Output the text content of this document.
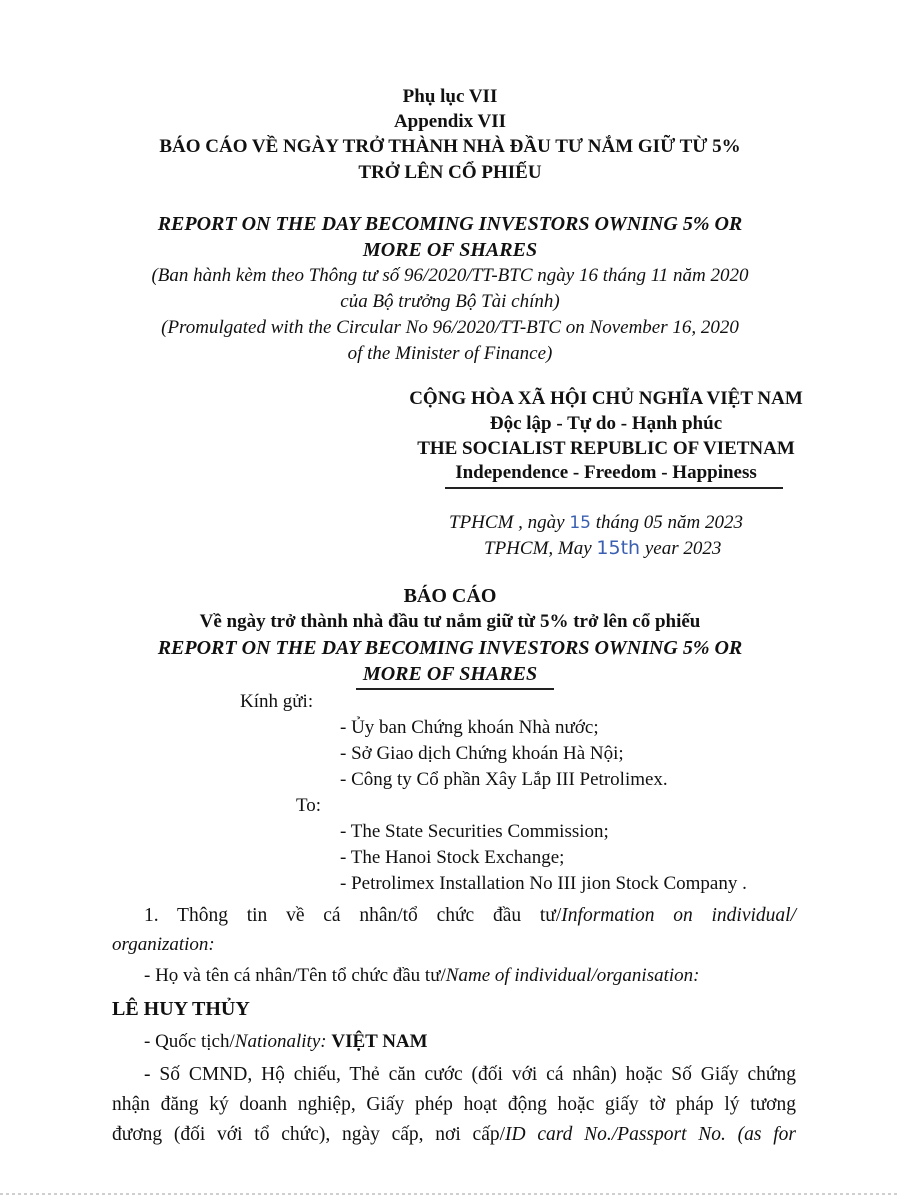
Phụ lục VII
Appendix VII
BÁO CÁO VỀ NGÀY TRỞ THÀNH NHÀ ĐẦU TƯ NẮM GIỮ TỪ 5%
TRỞ LÊN CỔ PHIẾU
REPORT ON THE DAY BECOMING INVESTORS OWNING 5% OR
MORE OF SHARES
(Ban hành kèm theo Thông tư số 96/2020/TT-BTC ngày 16 tháng 11 năm 2020
của Bộ trưởng Bộ Tài chính)
(Promulgated with the Circular No 96/2020/TT-BTC on November 16, 2020
of the Minister of Finance)
CỘNG HÒA XÃ HỘI CHỦ NGHĨA VIỆT NAM
Độc lập - Tự do - Hạnh phúc
THE SOCIALIST REPUBLIC OF VIETNAM
Independence - Freedom - Happiness
TPHCM , ngày 15 tháng 05 năm 2023
TPHCM, May 15th year 2023
BÁO CÁO
Về ngày trở thành nhà đầu tư nắm giữ từ 5% trở lên cổ phiếu
REPORT ON THE DAY BECOMING INVESTORS OWNING 5% OR
MORE OF SHARES
Kính gửi:
- Ủy ban Chứng khoán Nhà nước;
- Sở Giao dịch Chứng khoán Hà Nội;
- Công ty Cổ phần Xây Lắp III Petrolimex.
To:
- The State Securities Commission;
- The Hanoi Stock Exchange;
- Petrolimex Installation No III jion Stock Company .
1. Thông tin về cá nhân/tổ chức đầu tư/Information on individual/
organization:
- Họ và tên cá nhân/Tên tổ chức đầu tư/Name of individual/organisation:
LÊ HUY THỦY
- Quốc tịch/Nationality: VIỆT NAM
- Số CMND, Hộ chiếu, Thẻ căn cước (đối với cá nhân) hoặc Số Giấy chứng
nhận đăng ký doanh nghiệp, Giấy phép hoạt động hoặc giấy tờ pháp lý tương
đương (đối với tổ chức), ngày cấp, nơi cấp/ID card No./Passport No. (as for
